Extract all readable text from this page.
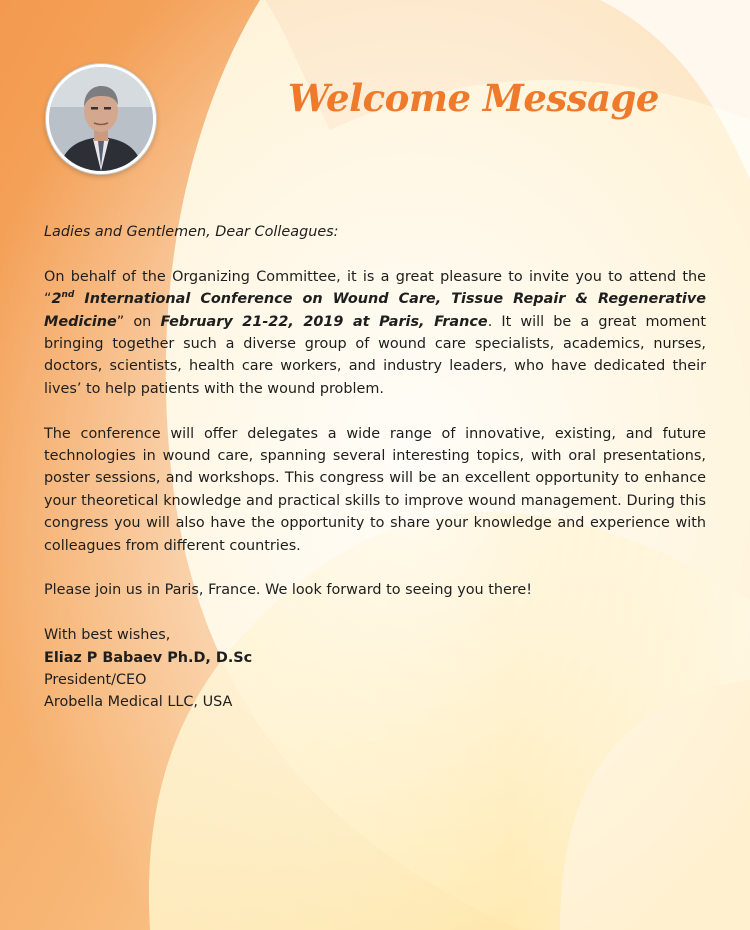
Welcome Message

Ladies and Gentlemen, Dear Colleagues:

On behalf of the Organizing Committee, it is a great pleasure to invite you to attend the “2nd International Conference on Wound Care, Tissue Repair & Regenerative Medicine” on February 21-22, 2019 at Paris, France. It will be a great moment bringing together such a diverse group of wound care specialists, academics, nurses, doctors, scientists, health care workers, and industry leaders, who have dedicated their lives’ to help patients with the wound problem.

The conference will offer delegates a wide range of innovative, existing, and future technologies in wound care, spanning several interesting topics, with oral presentations, poster sessions, and workshops. This congress will be an excellent opportunity to enhance your theoretical knowledge and practical skills to improve wound management. During this congress you will also have the opportunity to share your knowledge and experience with colleagues from different countries.

Please join us in Paris, France. We look forward to seeing you there!

With best wishes,
Eliaz P Babaev Ph.D, D.Sc
President/CEO
Arobella Medical LLC, USA
